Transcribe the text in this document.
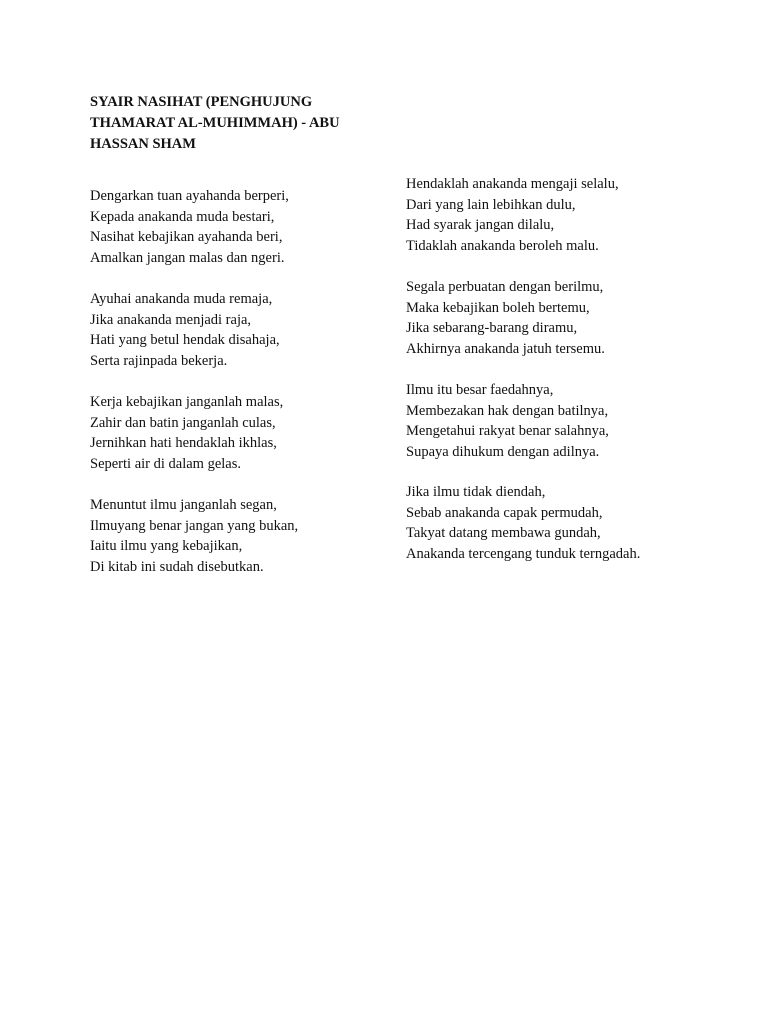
SYAIR NASIHAT (PENGHUJUNG
THAMARAT AL-MUHIMMAH) - ABU
HASSAN SHAM

Dengarkan tuan ayahanda berperi,
Kepada anakanda muda bestari,
Nasihat kebajikan ayahanda beri,
Amalkan jangan malas dan ngeri.

Ayuhai anakanda muda remaja,
Jika anakanda menjadi raja,
Hati yang betul hendak disahaja,
Serta rajinpada bekerja.

Kerja kebajikan janganlah malas,
Zahir dan batin janganlah culas,
Jernihkan hati hendaklah ikhlas,
Seperti air di dalam gelas.

Menuntut ilmu janganlah segan,
Ilmuyang benar jangan yang bukan,
Iaitu ilmu yang kebajikan,
Di kitab ini sudah disebutkan.

Hendaklah anakanda mengaji selalu,
Dari yang lain lebihkan dulu,
Had syarak jangan dilalu,
Tidaklah anakanda beroleh malu.

Segala perbuatan dengan berilmu,
Maka kebajikan boleh bertemu,
Jika sebarang-barang diramu,
Akhirnya anakanda jatuh tersemu.

Ilmu itu besar faedahnya,
Membezakan hak dengan batilnya,
Mengetahui rakyat benar salahnya,
Supaya dihukum dengan adilnya.

Jika ilmu tidak diendah,
Sebab anakanda capak permudah,
Takyat datang membawa gundah,
Anakanda tercengang tunduk terngadah.
